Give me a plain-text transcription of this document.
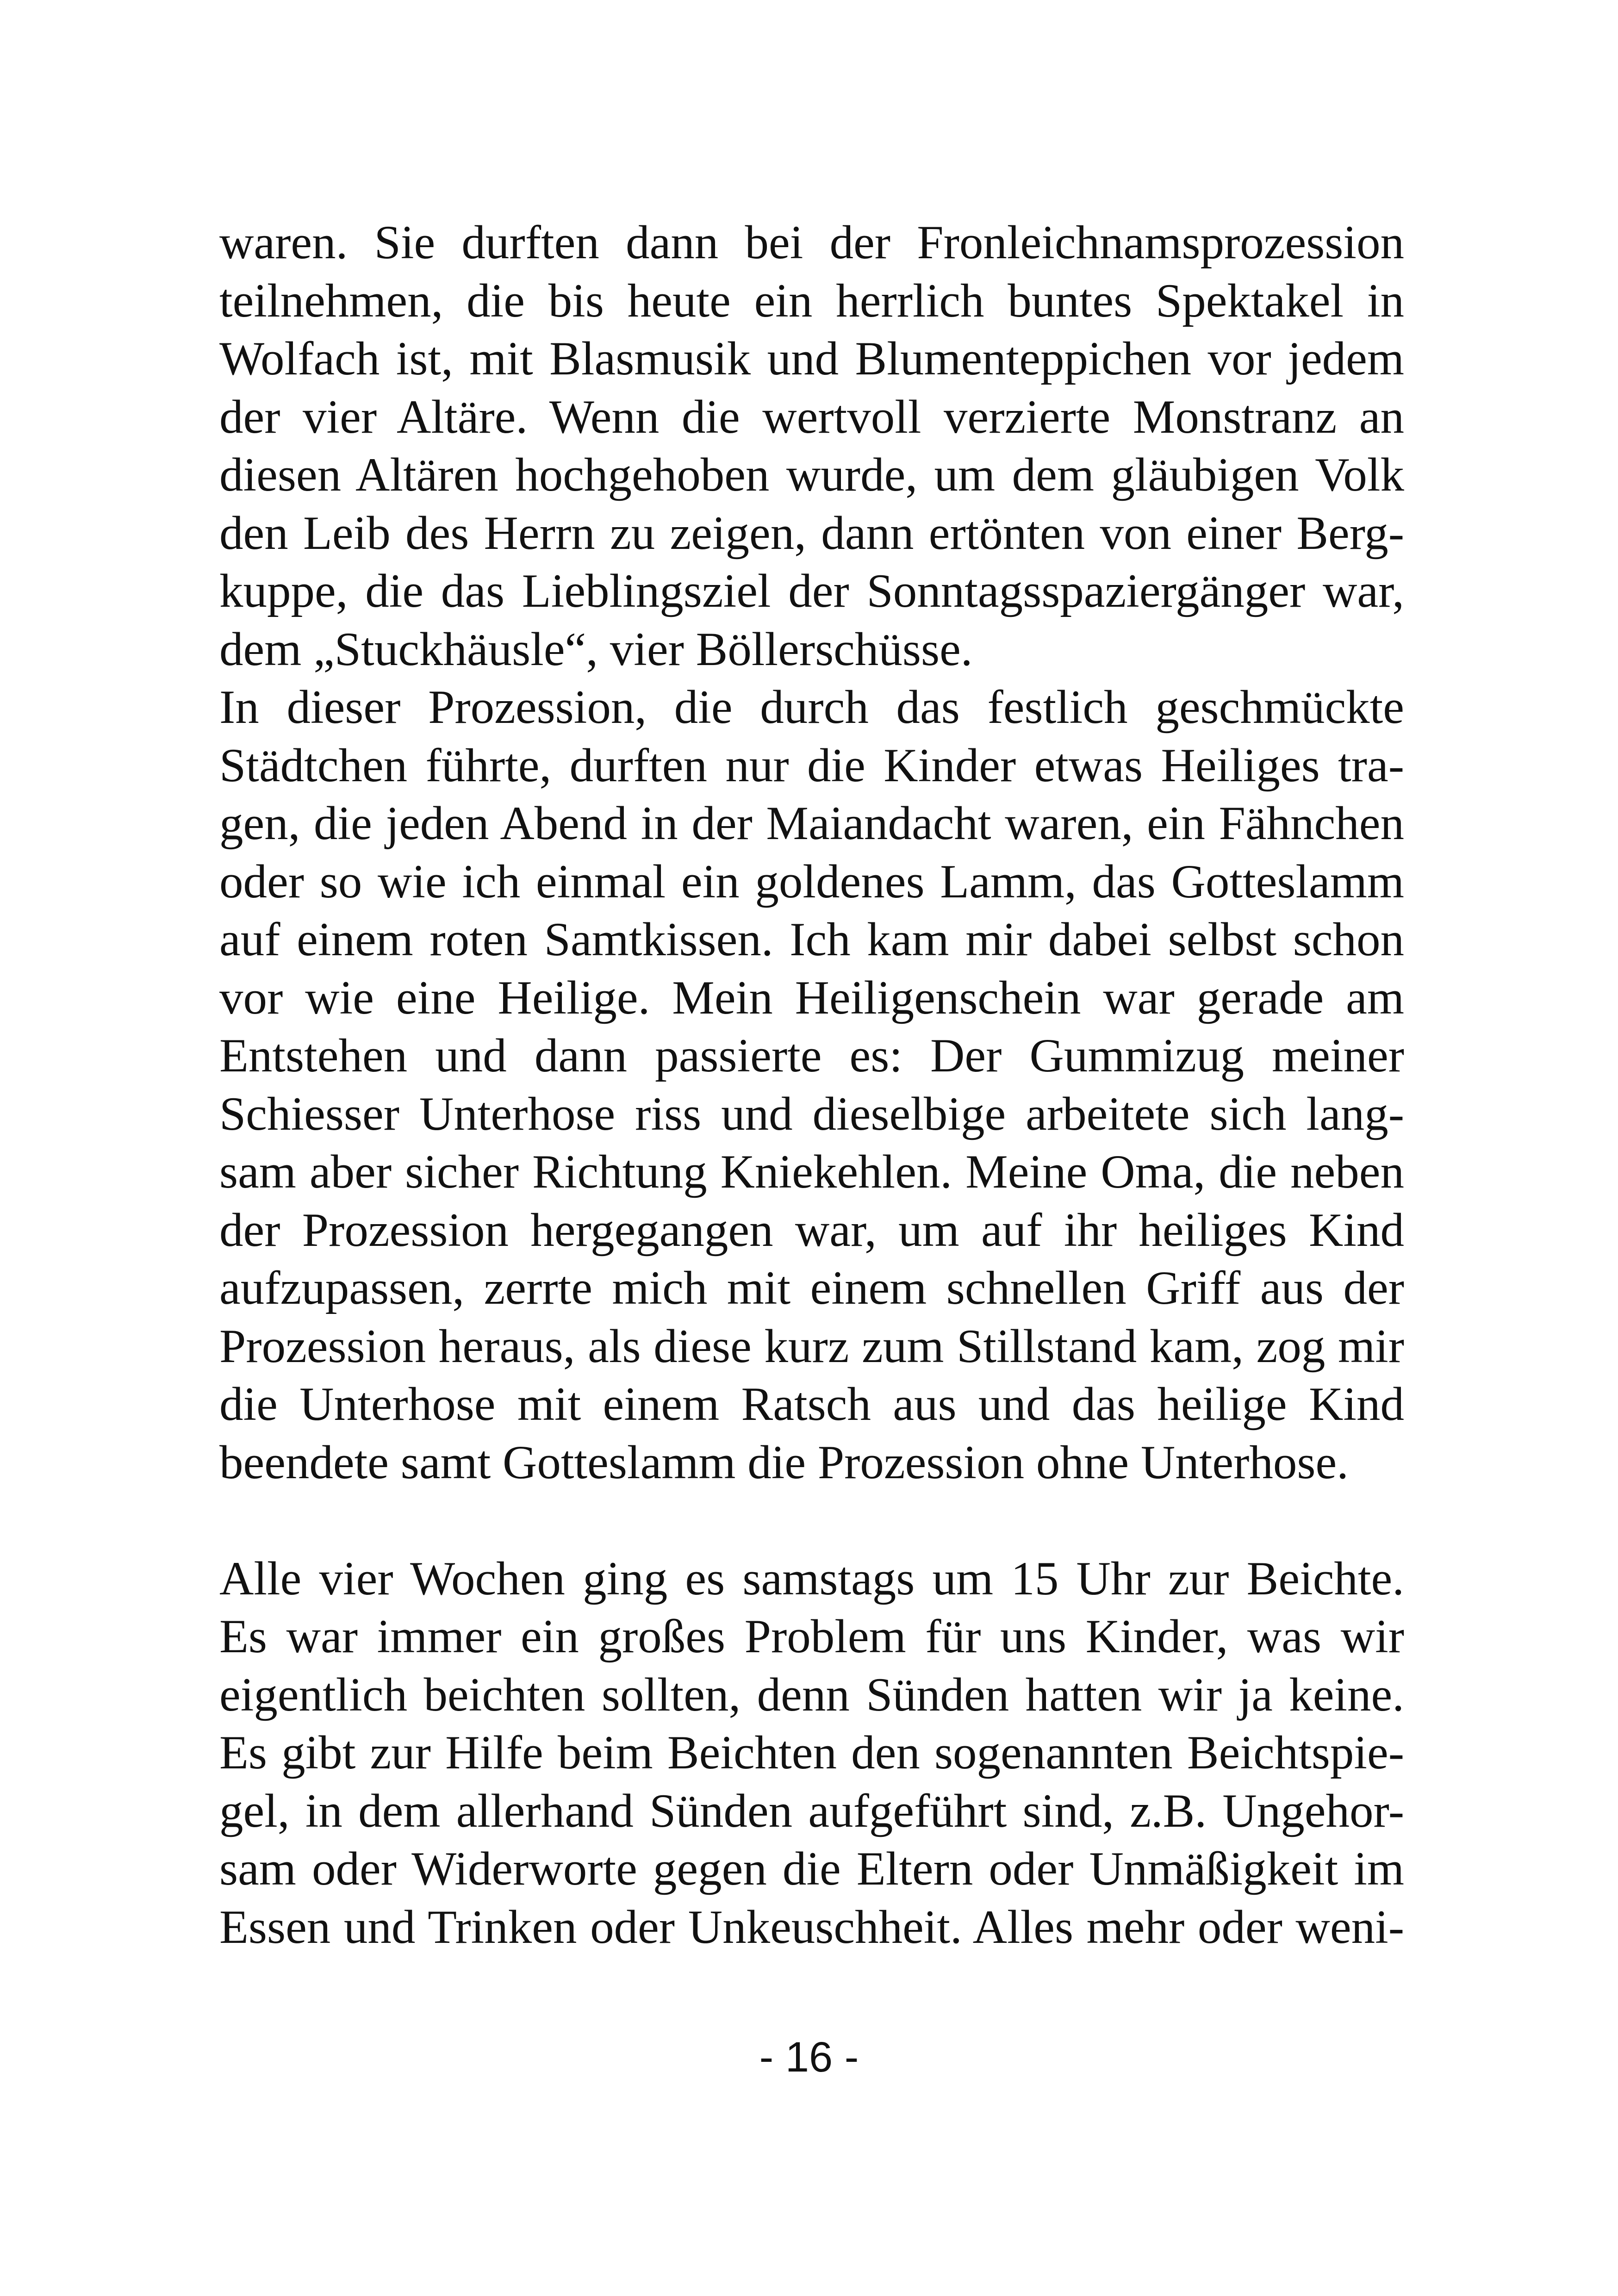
waren. Sie durften dann bei der Fronleichnamsprozession
teilnehmen, die bis heute ein herrlich buntes Spektakel in
Wolfach ist, mit Blasmusik und Blumenteppichen vor jedem
der vier Altäre. Wenn die wertvoll verzierte Monstranz an
diesen Altären hochgehoben wurde, um dem gläubigen Volk
den Leib des Herrn zu zeigen, dann ertönten von einer Berg-
kuppe, die das Lieblingsziel der Sonntagsspaziergänger war,
dem „Stuckhäusle“, vier Böllerschüsse.
In dieser Prozession, die durch das festlich geschmückte
Städtchen führte, durften nur die Kinder etwas Heiliges tra-
gen, die jeden Abend in der Maiandacht waren, ein Fähnchen
oder so wie ich einmal ein goldenes Lamm, das Gotteslamm
auf einem roten Samtkissen. Ich kam mir dabei selbst schon
vor wie eine Heilige. Mein Heiligenschein war gerade am
Entstehen und dann passierte es: Der Gummizug meiner
Schiesser Unterhose riss und dieselbige arbeitete sich lang-
sam aber sicher Richtung Kniekehlen. Meine Oma, die neben
der Prozession hergegangen war, um auf ihr heiliges Kind
aufzupassen, zerrte mich mit einem schnellen Griff aus der
Prozession heraus, als diese kurz zum Stillstand kam, zog mir
die Unterhose mit einem Ratsch aus und das heilige Kind
beendete samt Gotteslamm die Prozession ohne Unterhose.
Alle vier Wochen ging es samstags um 15 Uhr zur Beichte.
Es war immer ein großes Problem für uns Kinder, was wir
eigentlich beichten sollten, denn Sünden hatten wir ja keine.
Es gibt zur Hilfe beim Beichten den sogenannten Beichtspie-
gel, in dem allerhand Sünden aufgeführt sind, z.B. Ungehor-
sam oder Widerworte gegen die Eltern oder Unmäßigkeit im
Essen und Trinken oder Unkeuschheit. Alles mehr oder weni-
- 16 -
